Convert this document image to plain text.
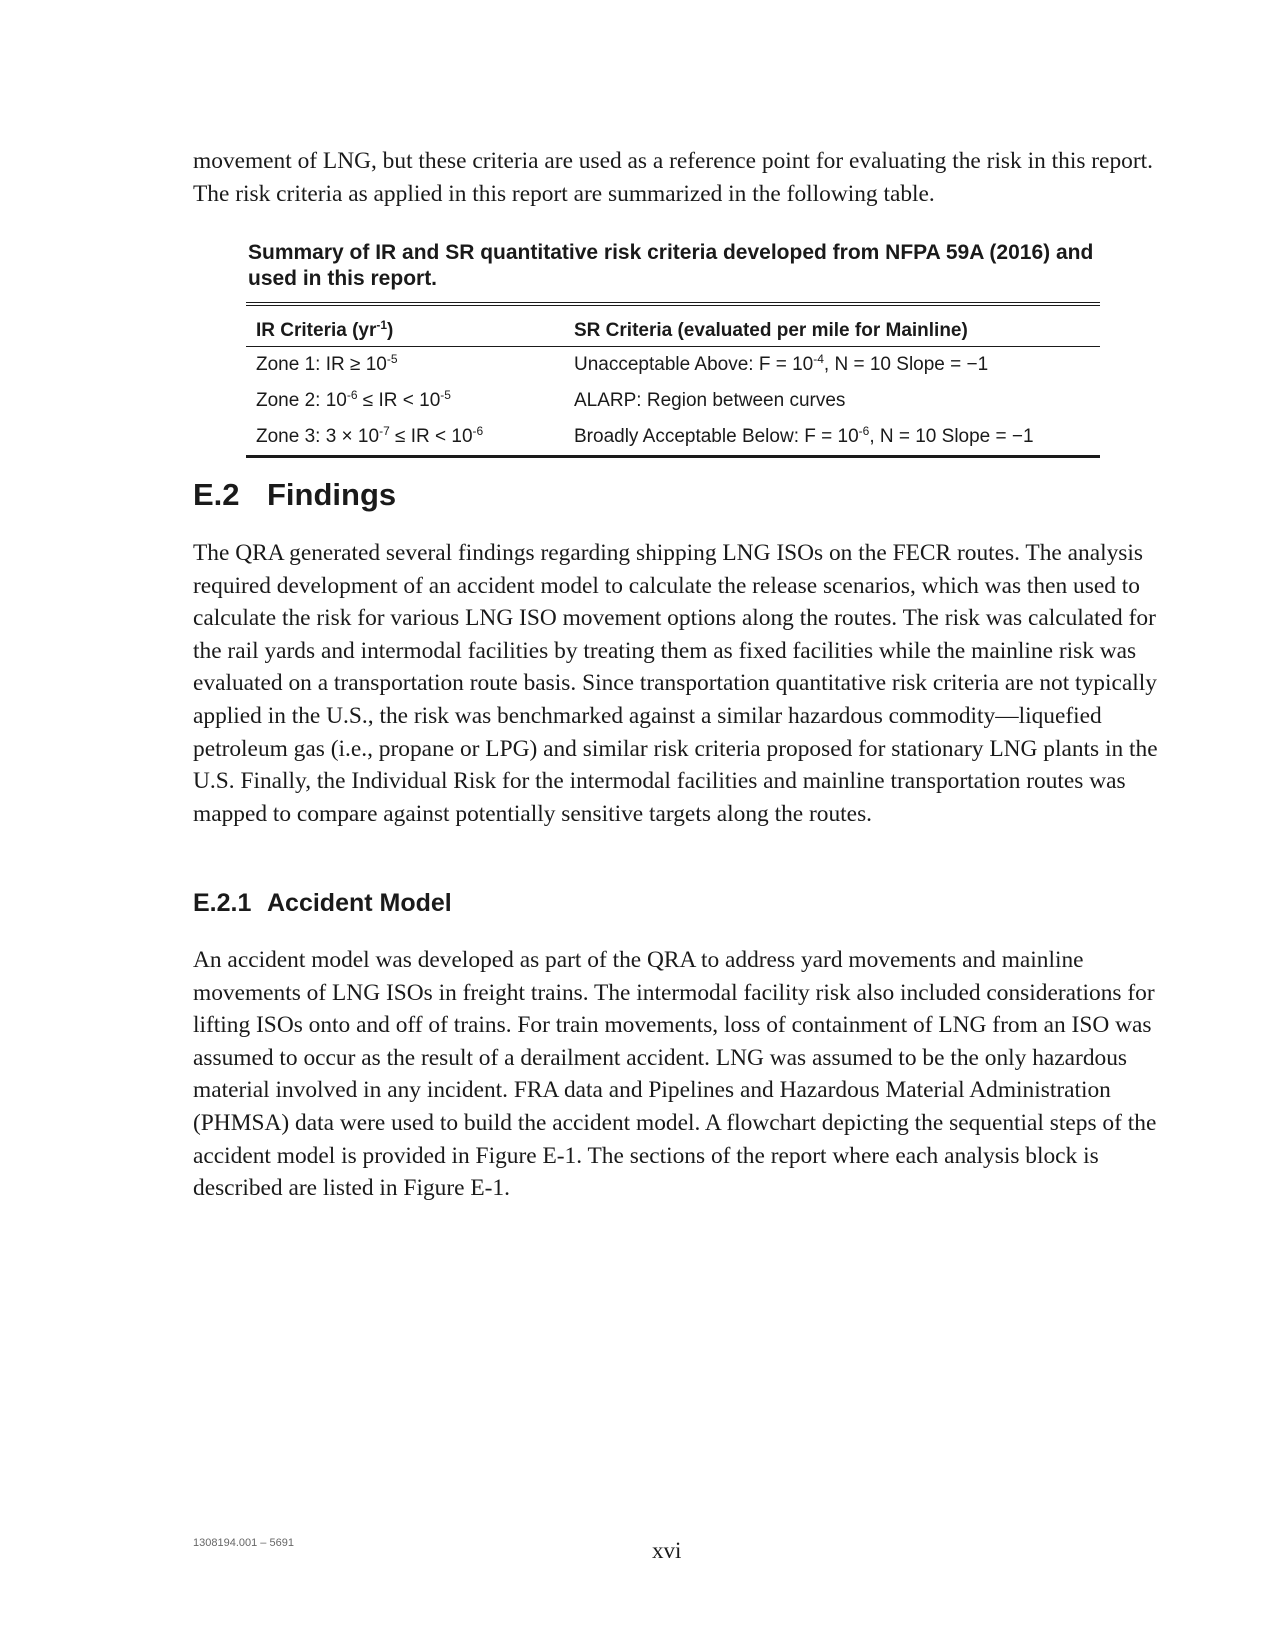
movement of LNG, but these criteria are used as a reference point for evaluating the risk in this report. The risk criteria as applied in this report are summarized in the following table.

Summary of IR and SR quantitative risk criteria developed from NFPA 59A (2016) and used in this report.

IR Criteria $(yr^{-1})$	SR Criteria (evaluated per mile for Mainline)
Zone 1: IR ≥ $10^{-5}$	Unacceptable Above: $F = 10^{-4}$, N = 10 Slope = −1
Zone 2: $10^{-6}$ ≤ IR < $10^{-5}$	ALARP: Region between curves
Zone 3: $3 \times 10^{-7}$ ≤ IR < $10^{-6}$	Broadly Acceptable Below: $F = 10^{-6}$, N = 10 Slope = −1
E.2 Findings

The QRA generated several findings regarding shipping LNG ISOs on the FECR routes. The analysis required development of an accident model to calculate the release scenarios, which was then used to calculate the risk for various LNG ISO movement options along the routes. The risk was calculated for the rail yards and intermodal facilities by treating them as fixed facilities while the mainline risk was evaluated on a transportation route basis. Since transportation quantitative risk criteria are not typically applied in the U.S., the risk was benchmarked against a similar hazardous commodity—liquefied petroleum gas (i.e., propane or LPG) and similar risk criteria proposed for stationary LNG plants in the U.S. Finally, the Individual Risk for the intermodal facilities and mainline transportation routes was mapped to compare against potentially sensitive targets along the routes.

E.2.1 Accident Model

An accident model was developed as part of the QRA to address yard movements and mainline movements of LNG ISOs in freight trains. The intermodal facility risk also included considerations for lifting ISOs onto and off of trains. For train movements, loss of containment of LNG from an ISO was assumed to occur as the result of a derailment accident. LNG was assumed to be the only hazardous material involved in any incident. FRA data and Pipelines and Hazardous Material Administration (PHMSA) data were used to build the accident model. A flowchart depicting the sequential steps of the accident model is provided in Figure E-1. The sections of the report where each analysis block is described are listed in Figure E-1.

1308194.001 – 5691	xvi
